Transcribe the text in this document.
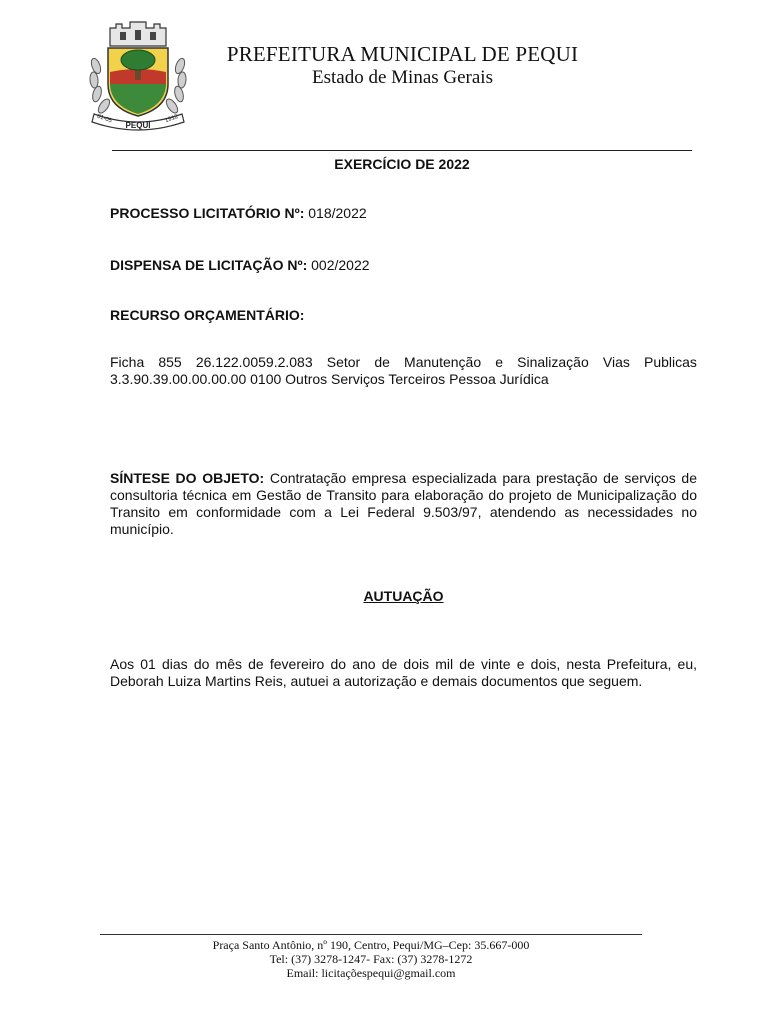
PEQUI
01-05	1912
PREFEITURA MUNICIPAL DE PEQUI
Estado de Minas Gerais
EXERCÍCIO DE 2022
PROCESSO LICITATÓRIO Nº: 018/2022
DISPENSA DE LICITAÇÃO Nº: 002/2022
RECURSO ORÇAMENTÁRIO:
Ficha 855 26.122.0059.2.083 Setor de Manutenção e Sinalização Vias Publicas
3.3.90.39.00.00.00.00 0100 Outros Serviços Terceiros Pessoa Jurídica
SÍNTESE DO OBJETO: Contratação empresa especializada para prestação de serviços de consultoria técnica em Gestão de Transito para elaboração do projeto de Municipalização do Transito em conformidade com a Lei Federal 9.503/97, atendendo as necessidades no município.
AUTUAÇÃO
Aos 01 dias do mês de fevereiro do ano de dois mil de vinte e dois, nesta Prefeitura, eu, Deborah Luiza Martins Reis, autuei a autorização e demais documentos que seguem.
Praça Santo Antônio, nº 190, Centro, Pequi/MG–Cep: 35.667-000
Tel: (37) 3278-1247- Fax: (37) 3278-1272
Email: licitaçõespequi@gmail.com
